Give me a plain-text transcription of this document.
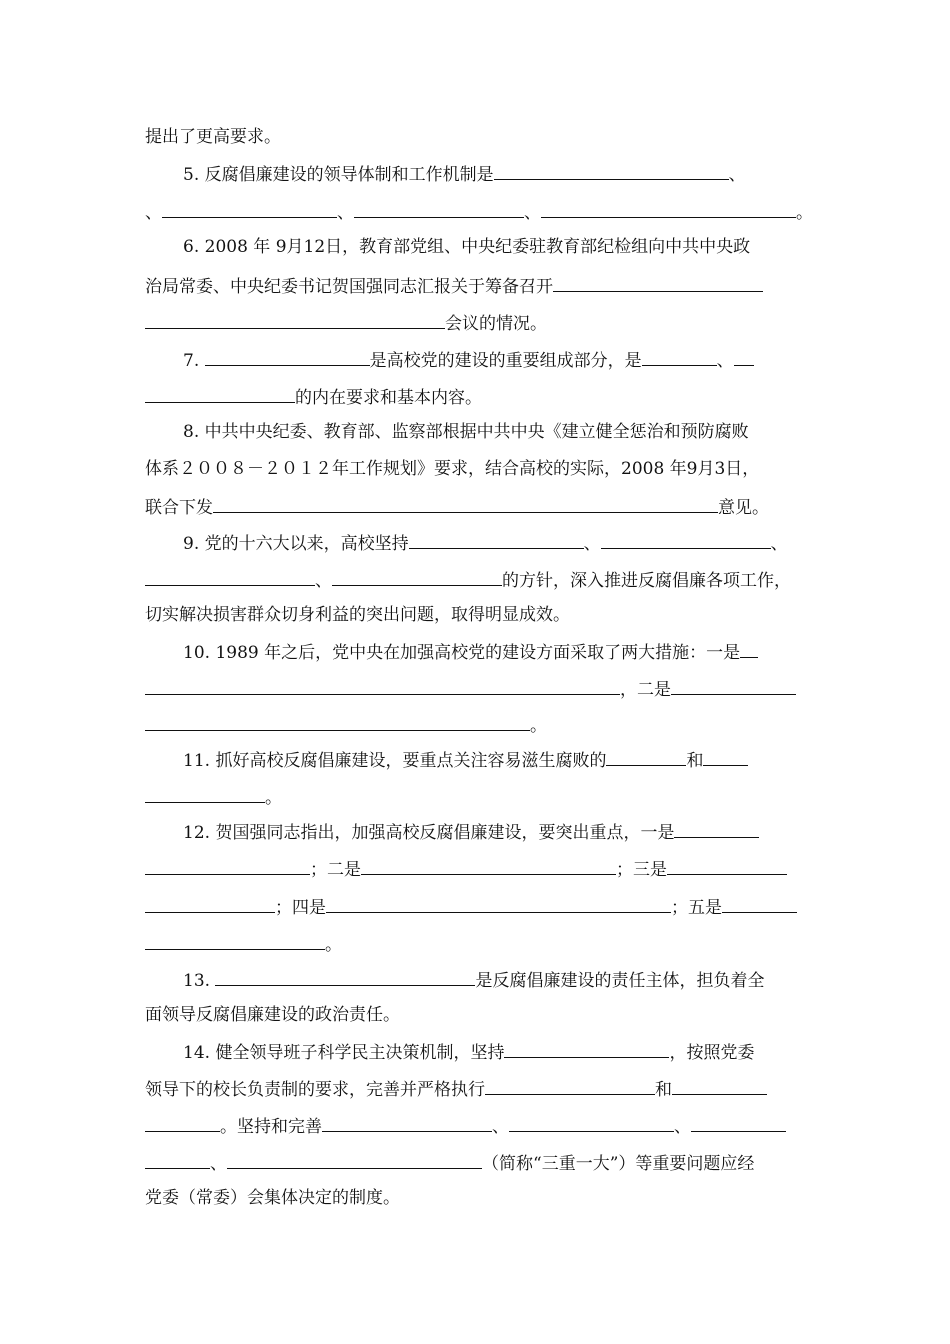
提出了更高要求。
5. 反腐倡廉建设的领导体制和工作机制是	、
、	、	、	。
6. 2008 年 9月12日，教育部党组、中央纪委驻教育部纪检组向中共中央政
治局常委、中央纪委书记贺国强同志汇报关于筹备召开
会议的情况。
7.	是高校党的建设的重要组成部分，是	、
的内在要求和基本内容。
8. 中共中央纪委、教育部、监察部根据中共中央《建立健全惩治和预防腐败
体系２００８－２０１２年工作规划》要求，结合高校的实际，2008 年9月3日，
联合下发	意见。
9. 党的十六大以来，高校坚持	、	、
、	的方针，深入推进反腐倡廉各项工作，
切实解决损害群众切身利益的突出问题，取得明显成效。
10. 1989 年之后，党中央在加强高校党的建设方面采取了两大措施：一是
，二是
。
11. 抓好高校反腐倡廉建设，要重点关注容易滋生腐败的	和
。
12. 贺国强同志指出，加强高校反腐倡廉建设，要突出重点，一是
；二是	；三是
；四是	；五是
。
13.	是反腐倡廉建设的责任主体，担负着全
面领导反腐倡廉建设的政治责任。
14. 健全领导班子科学民主决策机制，坚持	，按照党委
领导下的校长负责制的要求，完善并严格执行	和
。坚持和完善	、	、
、	（简称“三重一大”）等重要问题应经
党委（常委）会集体决定的制度。
